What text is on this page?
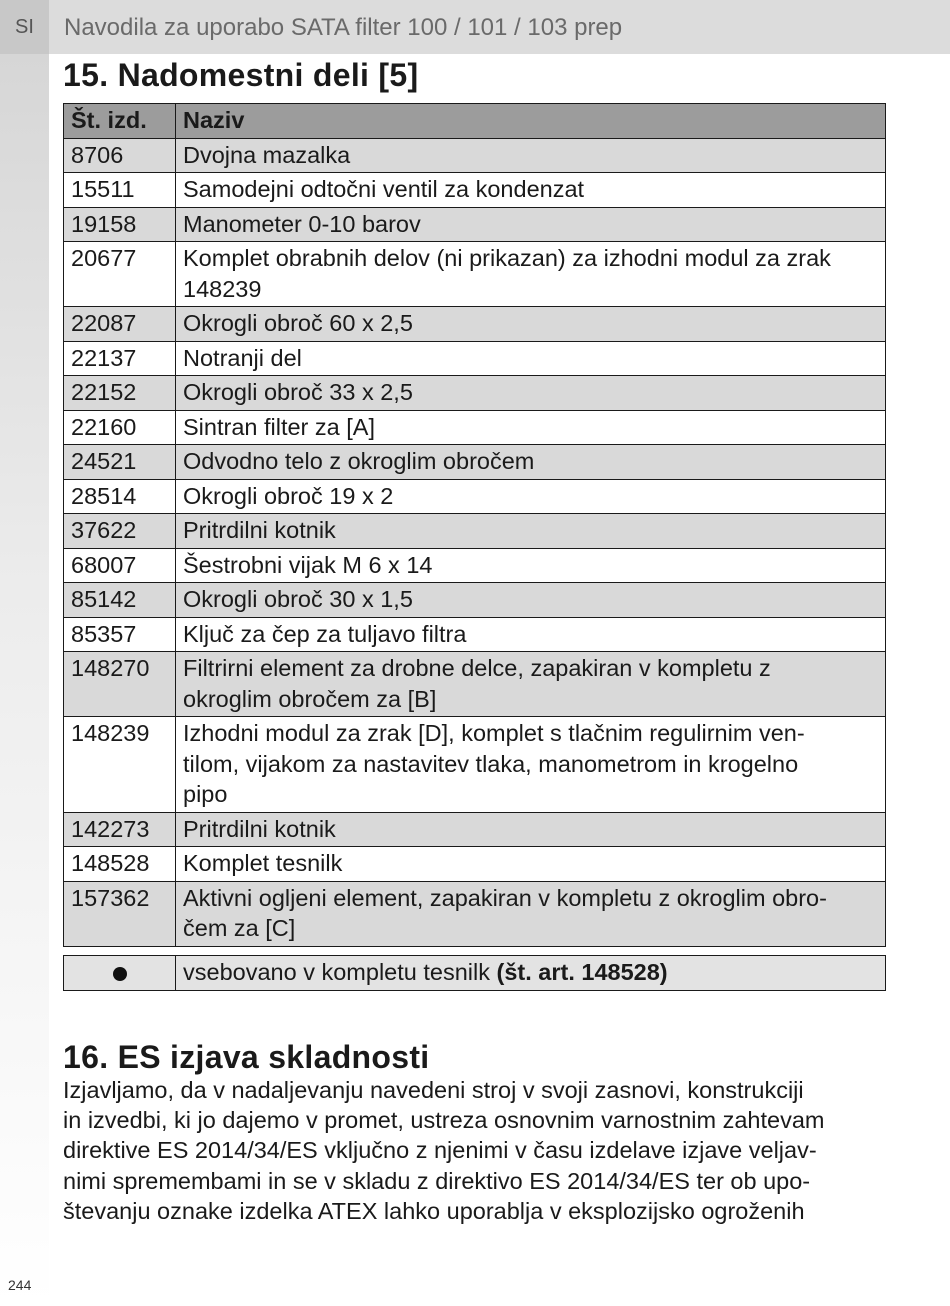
SI	Navodila za uporabo SATA filter 100 / 101 / 103 prep
15. Nadomestni deli [5]
Št. izd.	Naziv
8706	Dvojna mazalka

15511	Samodejni odtočni ventil za kondenzat

19158	Manometer 0-10 barov

20677	Komplet obrabnih delov (ni prikazan) za izhodni modul za zrak
148239

22087	Okrogli obroč 60 x 2,5

22137	Notranji del

22152	Okrogli obroč 33 x 2,5

22160	Sintran filter za [A]

24521	Odvodno telo z okroglim obročem

28514	Okrogli obroč 19 x 2

37622	Pritrdilni kotnik

68007	Šestrobni vijak M 6 x 14

85142	Okrogli obroč 30 x 1,5

85357	Ključ za čep za tuljavo filtra

148270	Filtrirni element za drobne delce, zapakiran v kompletu z
okroglim obročem za [B]

148239	Izhodni modul za zrak [D], komplet s tlačnim regulirnim ven-
tilom, vijakom za nastavitev tlaka, manometrom in krogelno
pipo

142273	Pritrdilni kotnik

148528	Komplet tesnilk

157362	Aktivni ogljeni element, zapakiran v kompletu z okroglim obro-
čem za [C]
	vsebovano v kompletu tesnilk (št. art. 148528)
16. ES izjava skladnosti

Izjavljamo, da v nadaljevanju navedeni stroj v svoji zasnovi, konstrukciji
in izvedbi, ki jo dajemo v promet, ustreza osnovnim varnostnim zahtevam
direktive ES 2014/34/ES vključno z njenimi v času izdelave izjave veljav-
nimi spremembami in se v skladu z direktivo ES 2014/34/ES ter ob upo-
števanju oznake izdelka ATEX lahko uporablja v eksplozijsko ogroženih

244
